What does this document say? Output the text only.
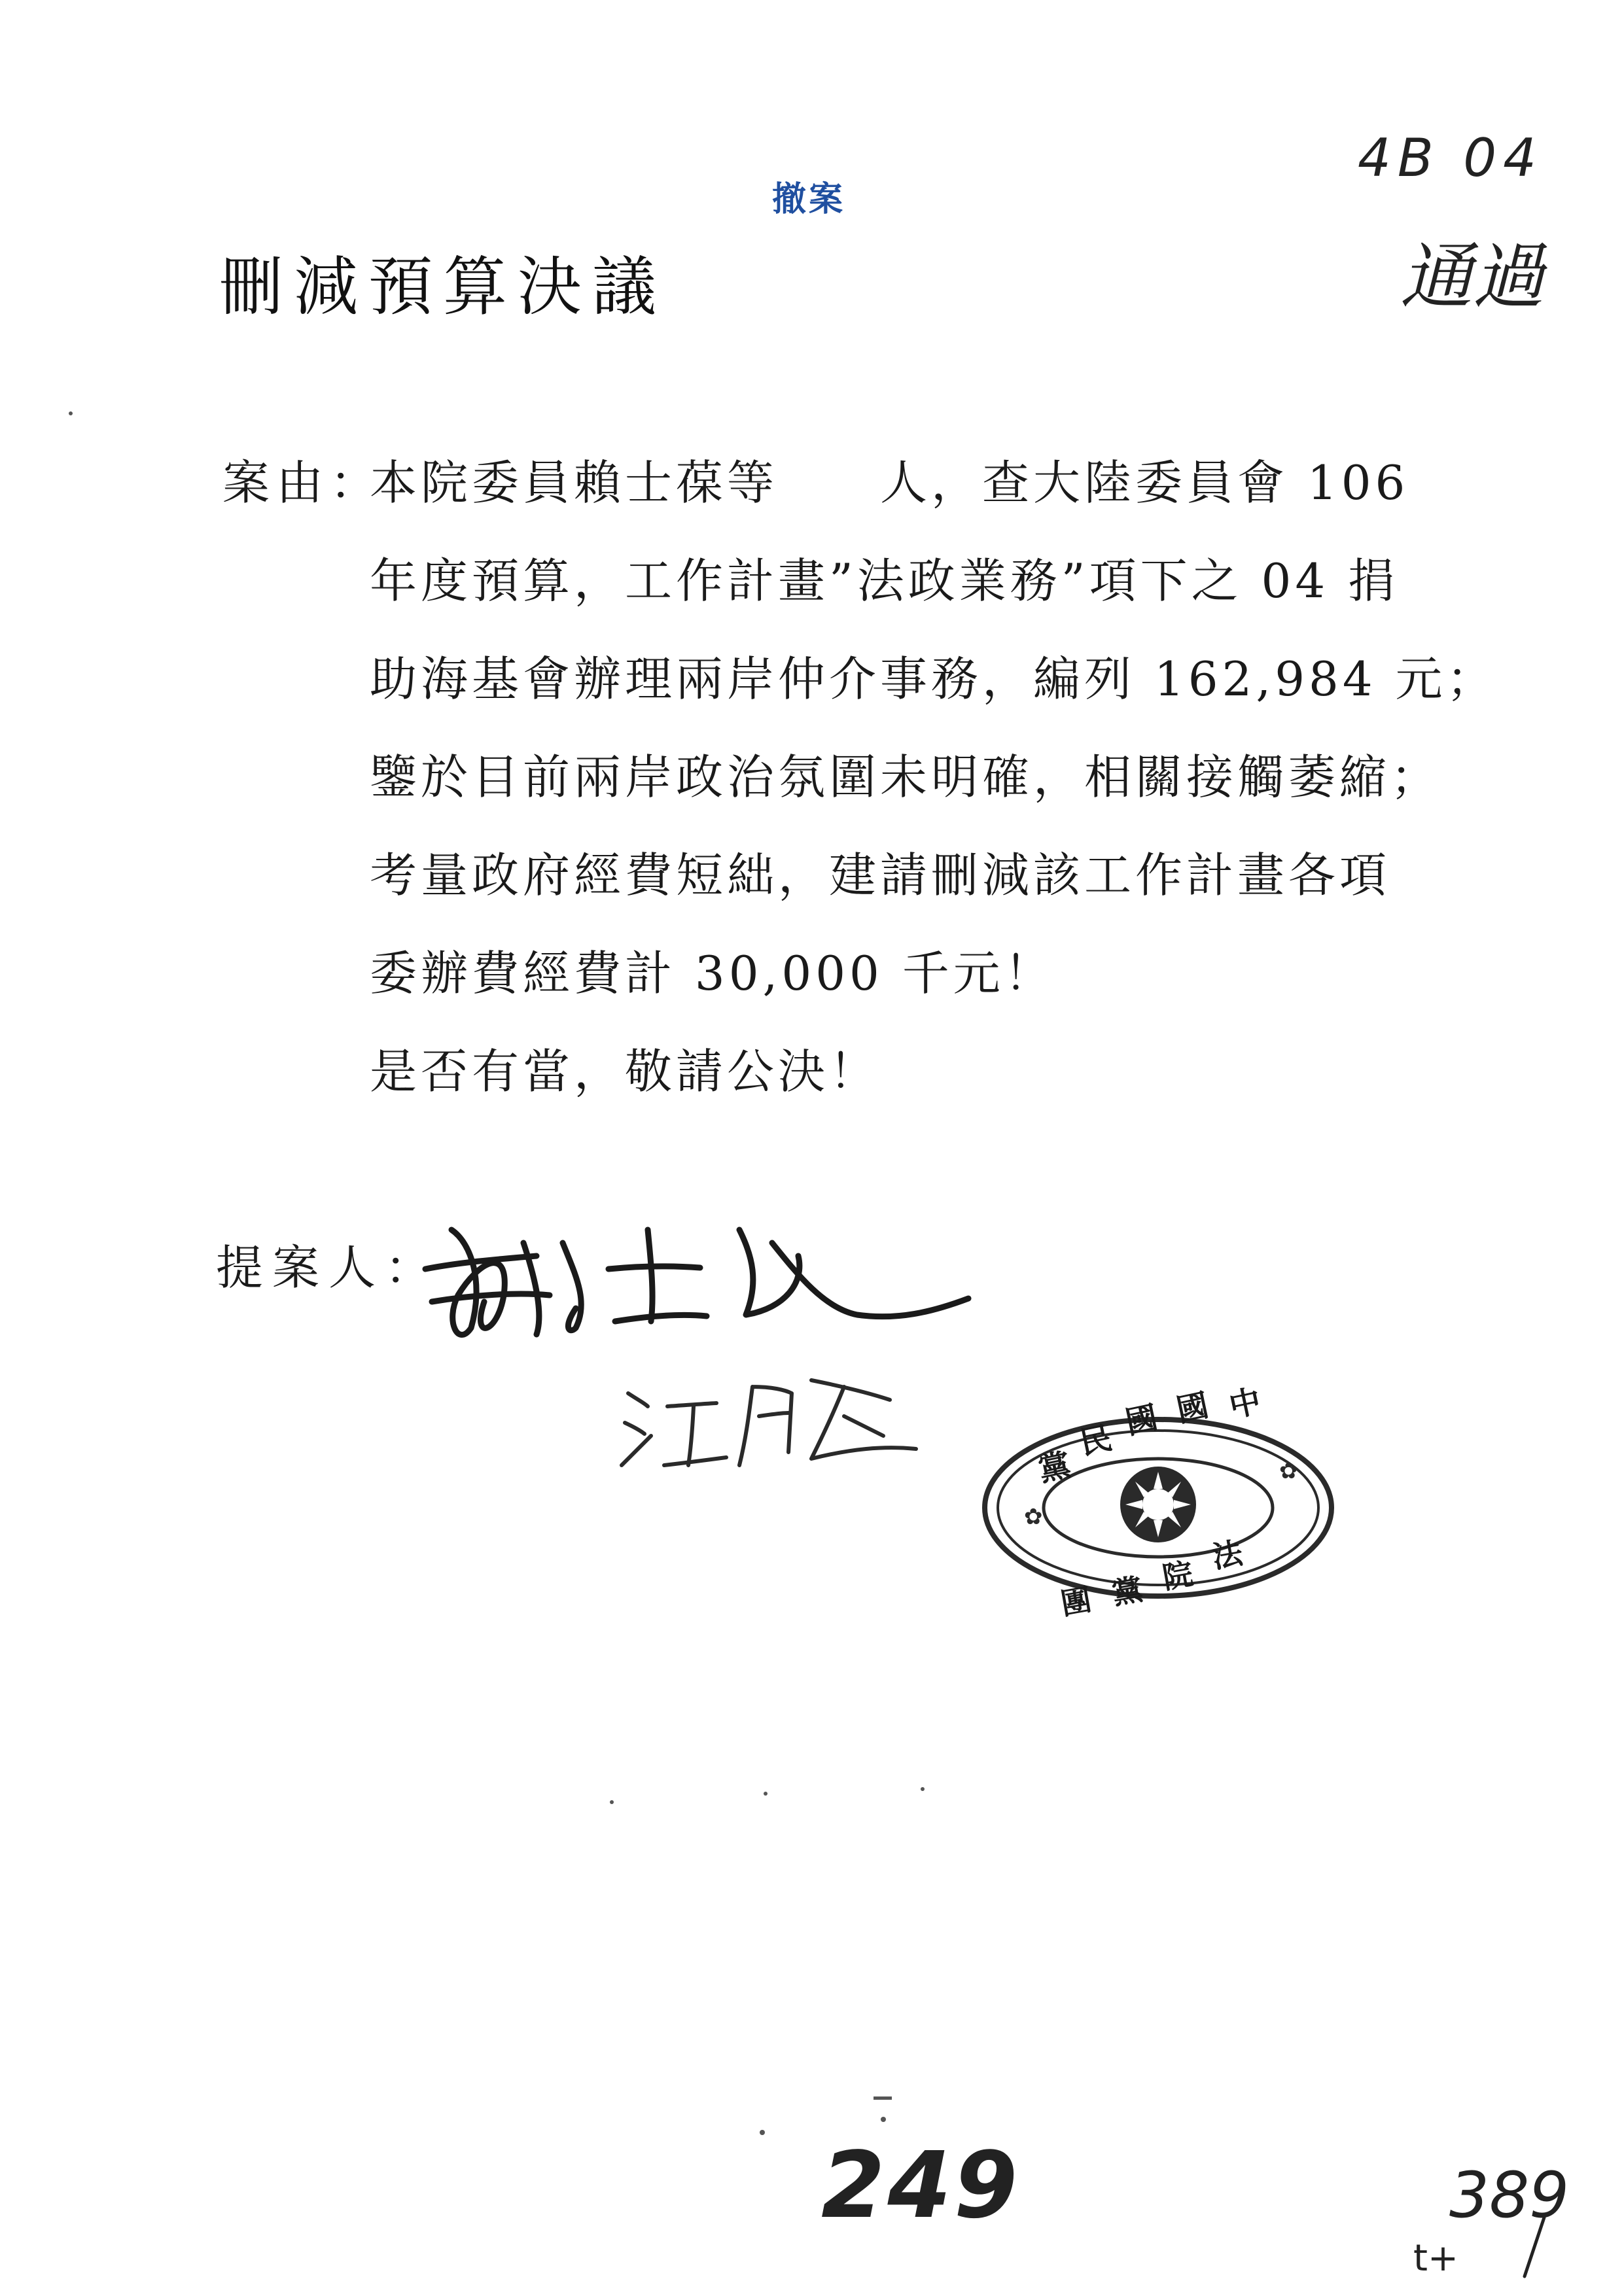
撤案
4B 04
通過
刪減預算決議
案由：
本院委員賴士葆等　　人，查大陸委員會 106
年度預算，工作計畫”法政業務”項下之 04 捐
助海基會辦理兩岸仲介事務，編列 162,984 元；
鑒於目前兩岸政治氛圍未明確，相關接觸萎縮；
考量政府經費短絀，建請刪減該工作計畫各項
委辦費經費計 30,000 千元！
是否有當，敬請公決！
提案人：
✿
✿
中
國
國
民
黨
法
院
黨
團
249	389
t+
